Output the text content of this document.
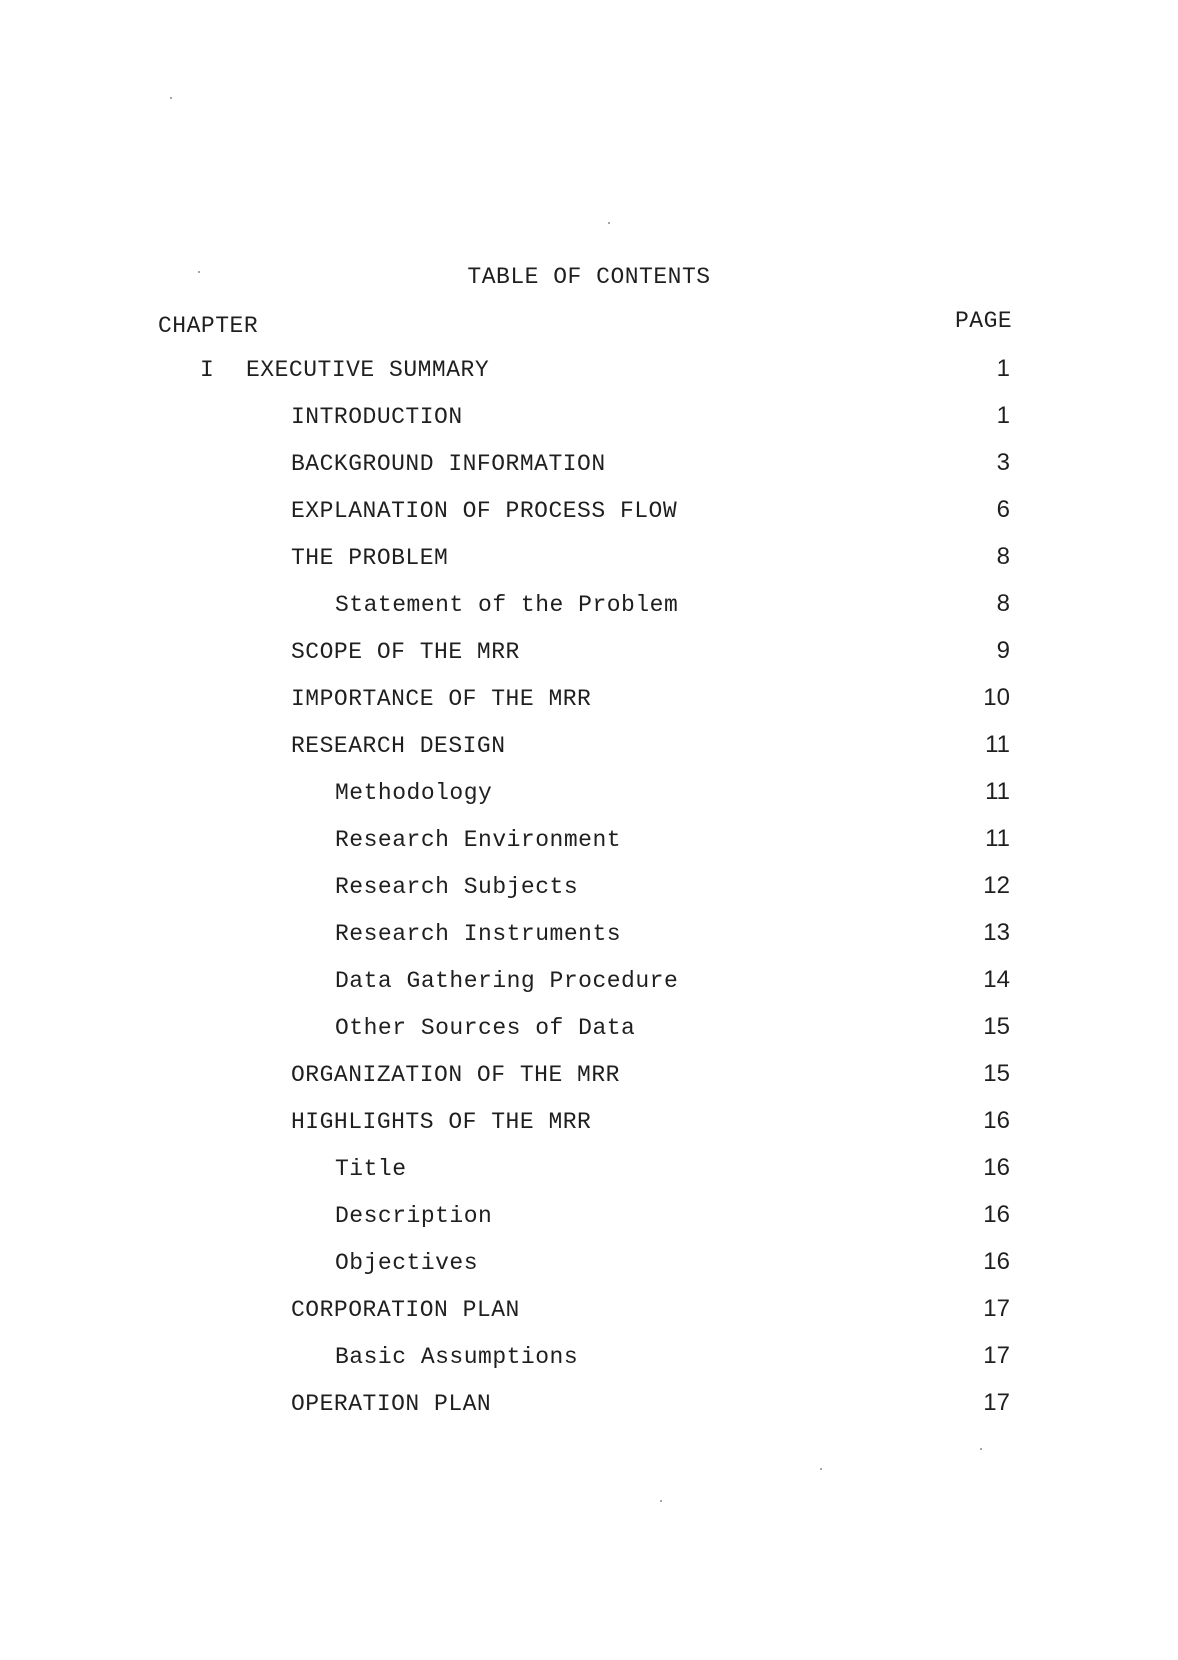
TABLE OF CONTENTS
CHAPTER	PAGE
I EXECUTIVE SUMMARY	1
INTRODUCTION	1
BACKGROUND INFORMATION	3
EXPLANATION OF PROCESS FLOW	6
THE PROBLEM	8
Statement of the Problem	8
SCOPE OF THE MRR	9
IMPORTANCE OF THE MRR	10
RESEARCH DESIGN	11
Methodology	11
Research Environment	11
Research Subjects	12
Research Instruments	13
Data Gathering Procedure	14
Other Sources of Data	15
ORGANIZATION OF THE MRR	15
HIGHLIGHTS OF THE MRR	16
Title	16
Description	16
Objectives	16
CORPORATION PLAN	17
Basic Assumptions	17
OPERATION PLAN	17
